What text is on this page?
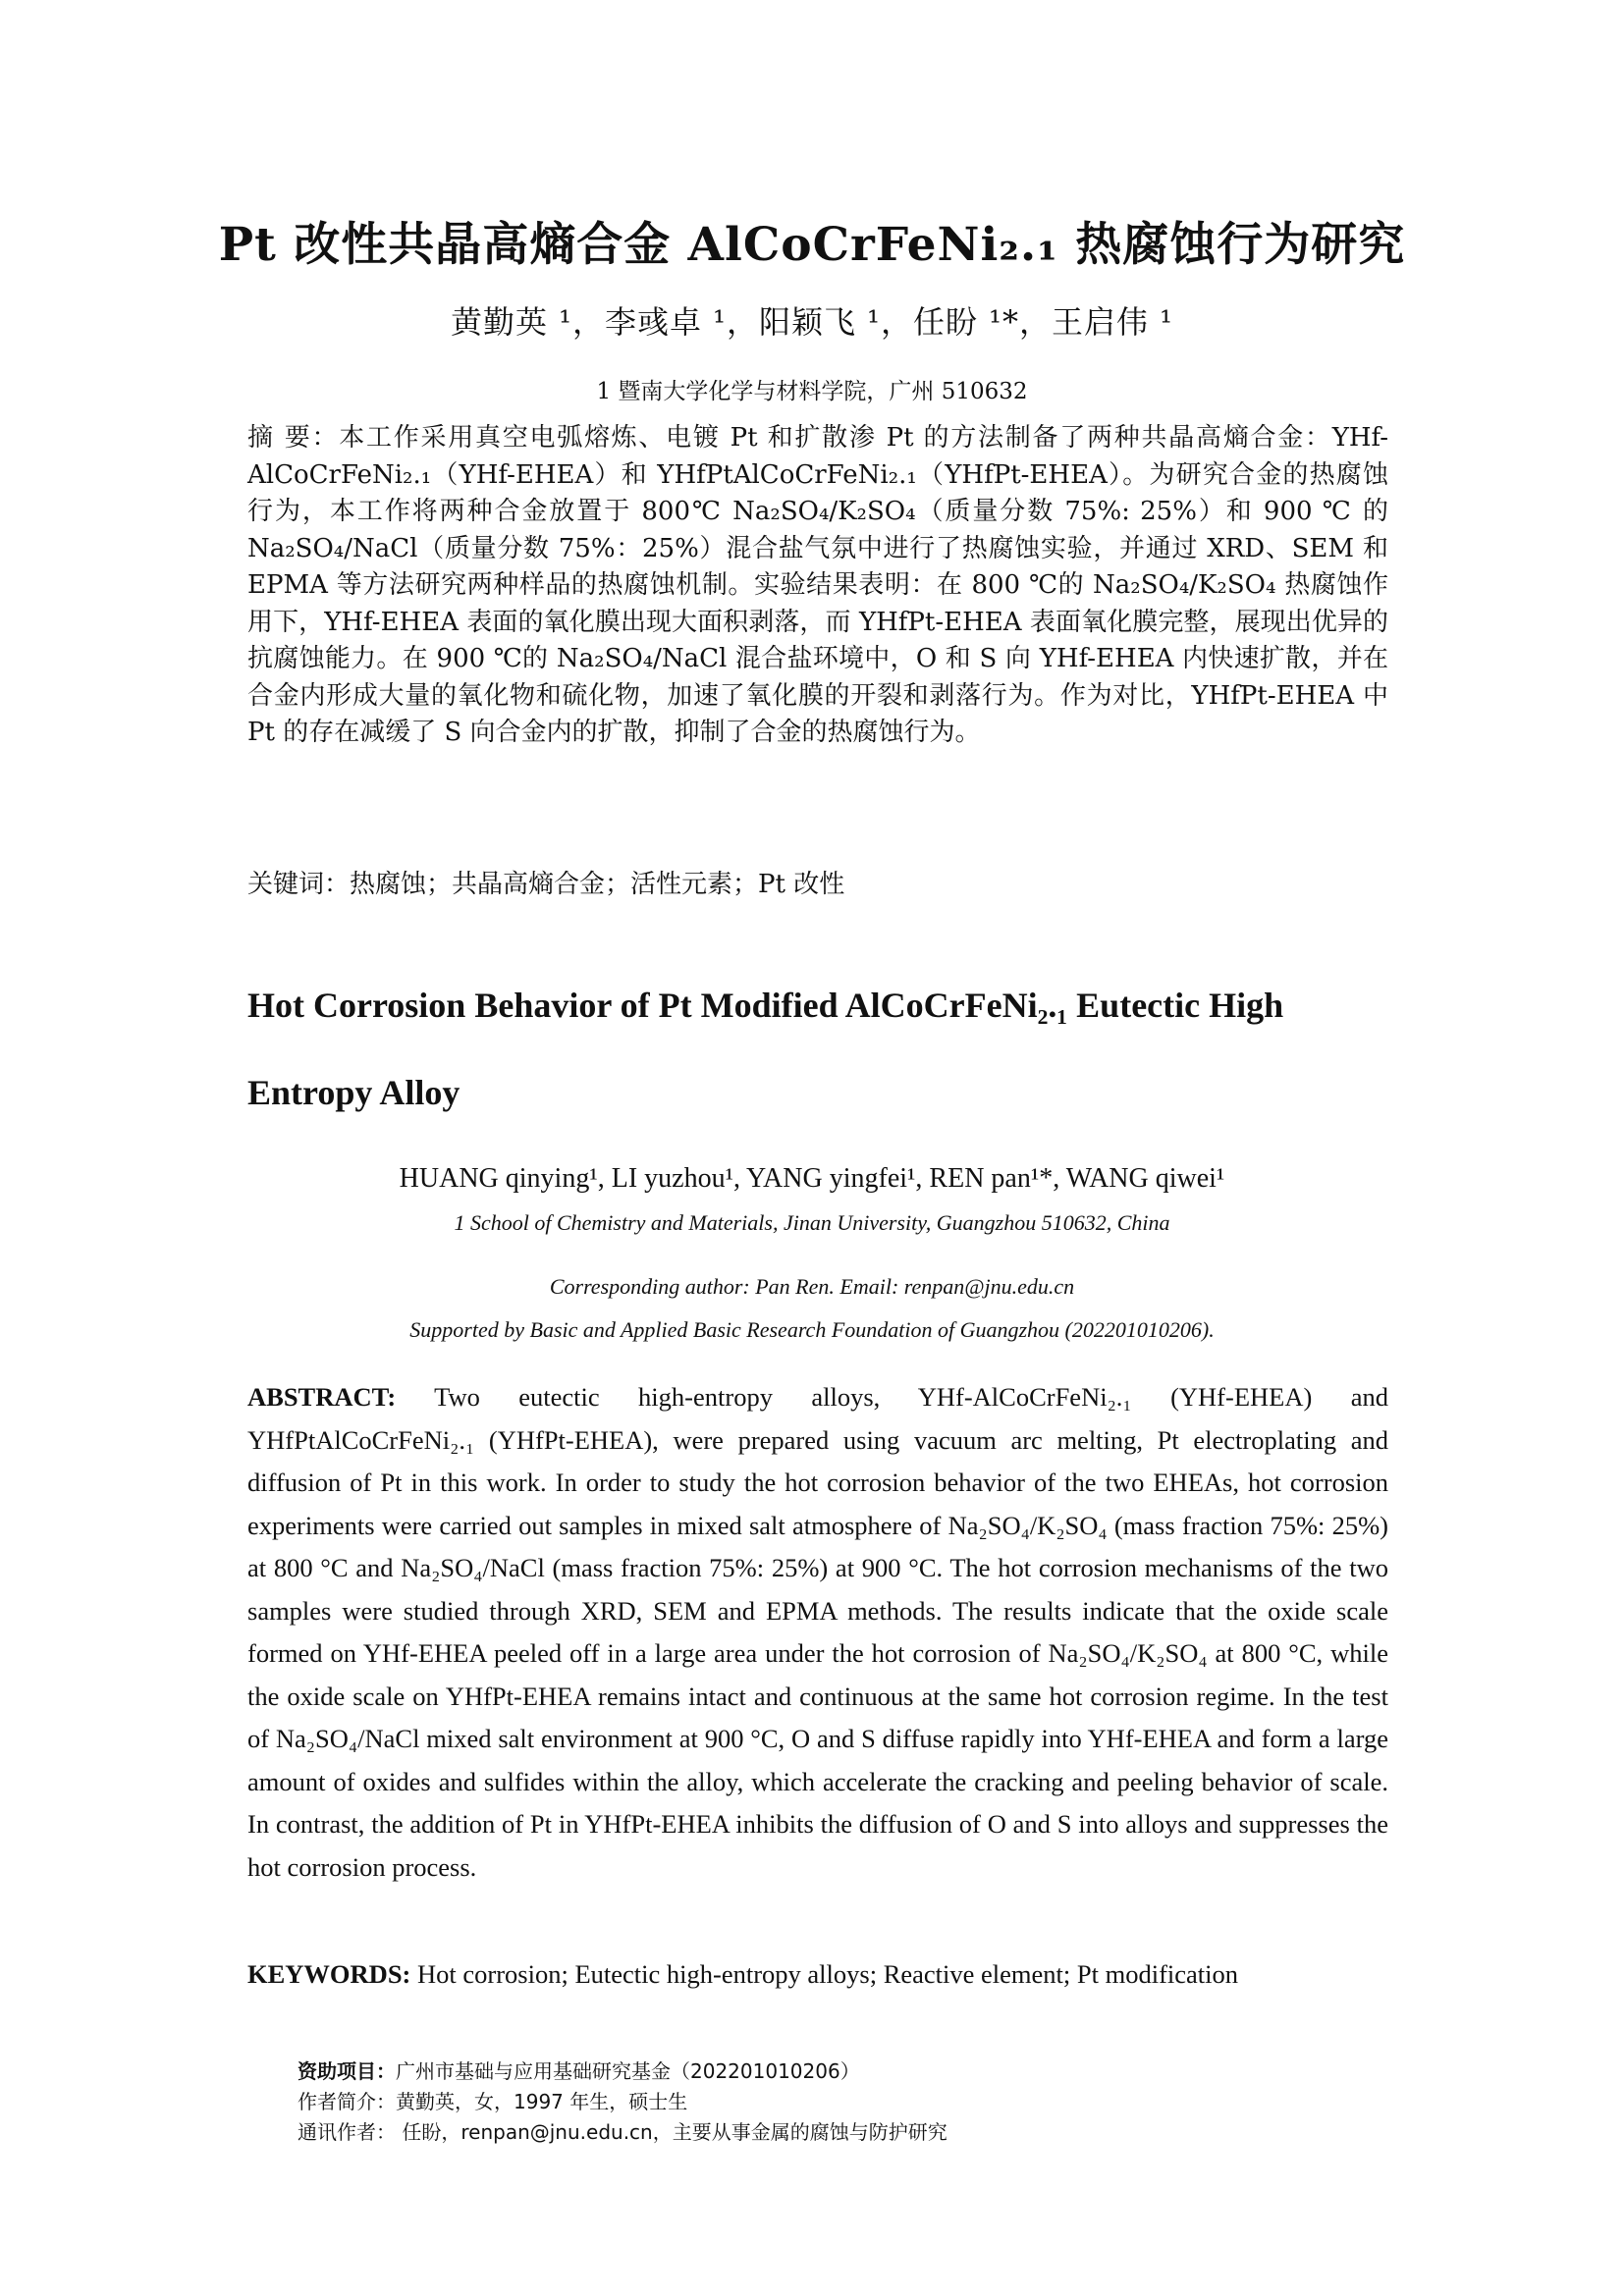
Pt 改性共晶高熵合金 AlCoCrFeNi₂.₁ 热腐蚀行为研究
黄勤英 ¹，李彧卓 ¹，阳颖飞 ¹，任盼 ¹*，王启伟 ¹
1 暨南大学化学与材料学院，广州 510632
摘 要：本工作采用真空电弧熔炼、电镀 Pt 和扩散渗 Pt 的方法制备了两种共晶高熵合金：YHf-AlCoCrFeNi₂.₁（YHf-EHEA）和 YHfPtAlCoCrFeNi₂.₁（YHfPt-EHEA）。为研究合金的热腐蚀行为，本工作将两种合金放置于 800℃ Na₂SO₄/K₂SO₄（质量分数 75%: 25%）和 900 ℃ 的 Na₂SO₄/NaCl（质量分数 75%：25%）混合盐气氛中进行了热腐蚀实验，并通过 XRD、SEM 和 EPMA 等方法研究两种样品的热腐蚀机制。实验结果表明：在 800 ℃的 Na₂SO₄/K₂SO₄ 热腐蚀作用下，YHf-EHEA 表面的氧化膜出现大面积剥落，而 YHfPt-EHEA 表面氧化膜完整，展现出优异的抗腐蚀能力。在 900 ℃的 Na₂SO₄/NaCl 混合盐环境中，O 和 S 向 YHf-EHEA 内快速扩散，并在合金内形成大量的氧化物和硫化物，加速了氧化膜的开裂和剥落行为。作为对比，YHfPt-EHEA 中 Pt 的存在减缓了 S 向合金内的扩散，抑制了合金的热腐蚀行为。
关键词：热腐蚀；共晶高熵合金；活性元素；Pt 改性
Hot Corrosion Behavior of Pt Modified AlCoCrFeNi₂.₁ Eutectic High
Entropy Alloy
HUANG qinying¹, LI yuzhou¹, YANG yingfei¹, REN pan¹*, WANG qiwei¹
1 School of Chemistry and Materials, Jinan University, Guangzhou 510632, China
Corresponding author: Pan Ren. Email: renpan@jnu.edu.cn
Supported by Basic and Applied Basic Research Foundation of Guangzhou (202201010206).
ABSTRACT: Two eutectic high-entropy alloys, YHf-AlCoCrFeNi₂.₁ (YHf-EHEA) and YHfPtAlCoCrFeNi₂.₁ (YHfPt-EHEA), were prepared using vacuum arc melting, Pt electroplating and diffusion of Pt in this work. In order to study the hot corrosion behavior of the two EHEAs, hot corrosion experiments were carried out samples in mixed salt atmosphere of Na₂SO₄/K₂SO₄ (mass fraction 75%: 25%) at 800 °C and Na₂SO₄/NaCl (mass fraction 75%: 25%) at 900 °C. The hot corrosion mechanisms of the two samples were studied through XRD, SEM and EPMA methods. The results indicate that the oxide scale formed on YHf-EHEA peeled off in a large area under the hot corrosion of Na₂SO₄/K₂SO₄ at 800 °C, while the oxide scale on YHfPt-EHEA remains intact and continuous at the same hot corrosion regime. In the test of Na₂SO₄/NaCl mixed salt environment at 900 °C, O and S diffuse rapidly into YHf-EHEA and form a large amount of oxides and sulfides within the alloy, which accelerate the cracking and peeling behavior of scale. In contrast, the addition of Pt in YHfPt-EHEA inhibits the diffusion of O and S into alloys and suppresses the hot corrosion process.
KEYWORDS: Hot corrosion; Eutectic high-entropy alloys; Reactive element; Pt modification
资助项目：广州市基础与应用基础研究基金（202201010206）
作者简介：黄勤英，女，1997 年生，硕士生
通讯作者： 任盼，renpan@jnu.edu.cn，主要从事金属的腐蚀与防护研究
